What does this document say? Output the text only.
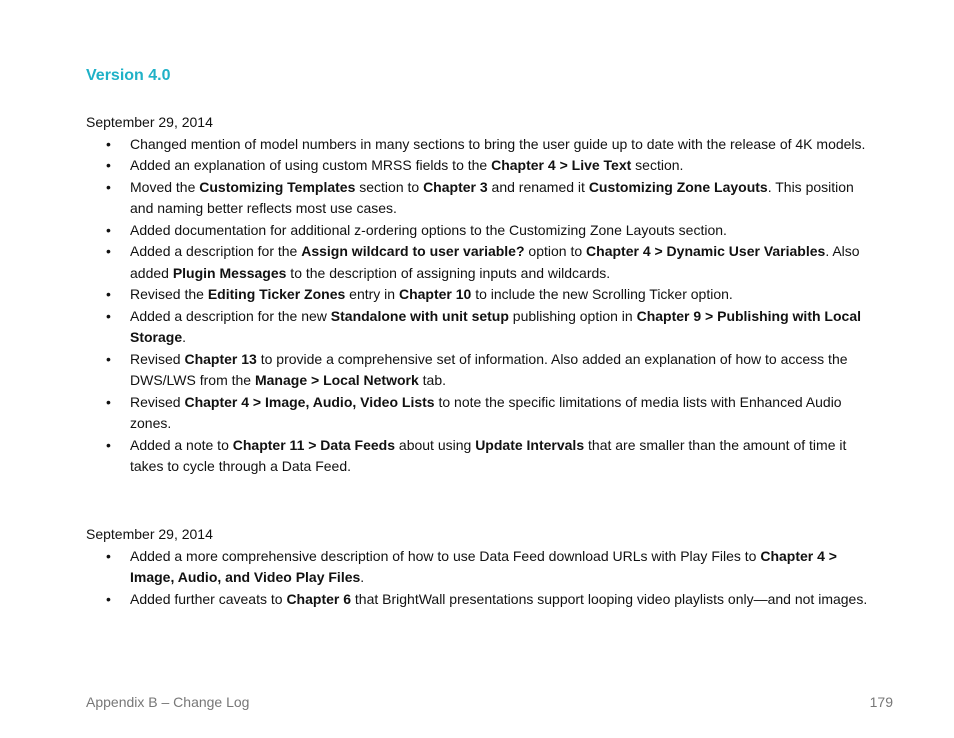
Version 4.0

September 29, 2014

• Changed mention of model numbers in many sections to bring the user guide up to date with the release of 4K models.
• Added an explanation of using custom MRSS fields to the Chapter 4 > Live Text section.
• Moved the Customizing Templates section to Chapter 3 and renamed it Customizing Zone Layouts. This position and naming better reflects most use cases.
• Added documentation for additional z-ordering options to the Customizing Zone Layouts section.
• Added a description for the Assign wildcard to user variable? option to Chapter 4 > Dynamic User Variables. Also added Plugin Messages to the description of assigning inputs and wildcards.
• Revised the Editing Ticker Zones entry in Chapter 10 to include the new Scrolling Ticker option.
• Added a description for the new Standalone with unit setup publishing option in Chapter 9 > Publishing with Local Storage.
• Revised Chapter 13 to provide a comprehensive set of information. Also added an explanation of how to access the DWS/LWS from the Manage > Local Network tab.
• Revised Chapter 4 > Image, Audio, Video Lists to note the specific limitations of media lists with Enhanced Audio zones.
• Added a note to Chapter 11 > Data Feeds about using Update Intervals that are smaller than the amount of time it takes to cycle through a Data Feed.

September 29, 2014

• Added a more comprehensive description of how to use Data Feed download URLs with Play Files to Chapter 4 > Image, Audio, and Video Play Files.
• Added further caveats to Chapter 6 that BrightWall presentations support looping video playlists only—and not images.
Appendix B – Change Log	179
